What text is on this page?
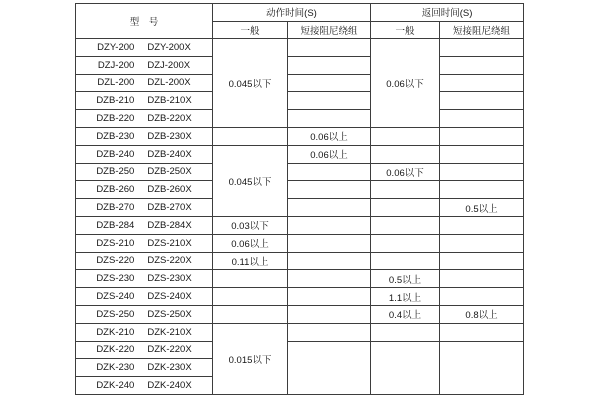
型　号	动作时间(S)		返回时间(S)	
	一般	短接阻尼绕组	一般	短接阻尼绕组
DZY-200 DZY-200X	0.045以下		0.06以下	
DZJ-200 DZJ-200X				
DZL-200 DZL-200X				
DZB-210 DZB-210X				
DZB-220 DZB-220X				
DZB-230 DZB-230X		0.06以上		
DZB-240 DZB-240X	0.045以下	0.06以上		
DZB-250 DZB-250X			0.06以下	
DZB-260 DZB-260X				
DZB-270 DZB-270X				0.5以上
DZB-284 DZB-284X	0.03以下			
DZS-210 DZS-210X	0.06以上			
DZS-220 DZS-220X	0.11以上			
DZS-230 DZS-230X			0.5以上	
DZS-240 DZS-240X			1.1以上	
DZS-250 DZS-250X			0.4以上	0.8以上
DZK-210 DZK-210X	0.015以下			
DZK-220 DZK-220X				
DZK-230 DZK-230X				
DZK-240 DZK-240X				
